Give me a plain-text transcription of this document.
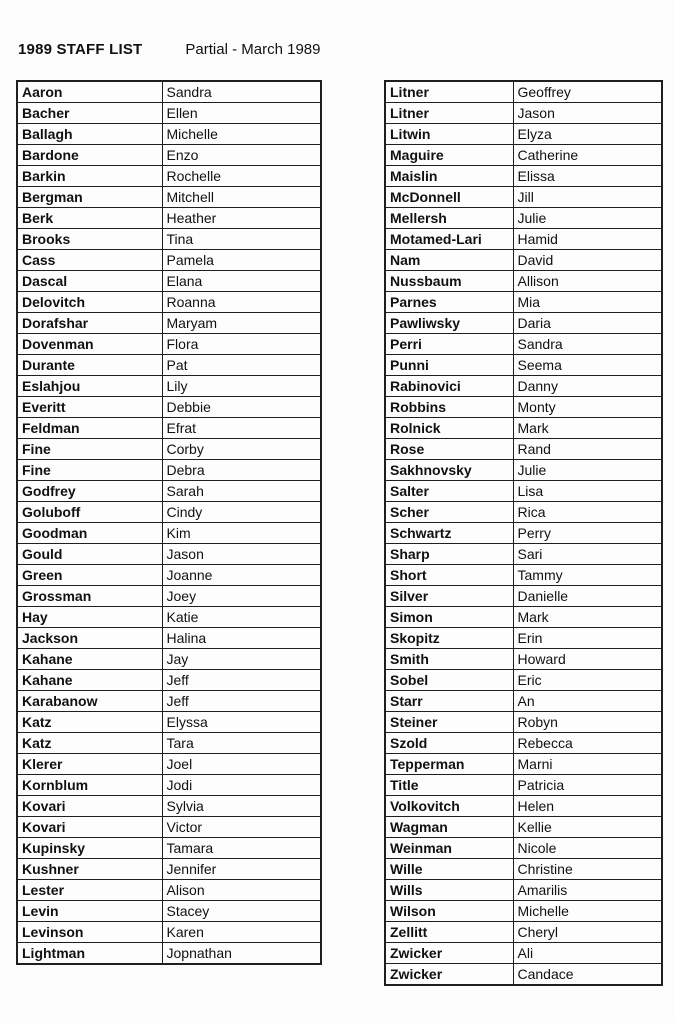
1989 STAFF LIST	Partial - March 1989
Aaron	Sandra
Bacher	Ellen
Ballagh	Michelle
Bardone	Enzo
Barkin	Rochelle
Bergman	Mitchell
Berk	Heather
Brooks	Tina
Cass	Pamela
Dascal	Elana
Delovitch	Roanna
Dorafshar	Maryam
Dovenman	Flora
Durante	Pat
Eslahjou	Lily
Everitt	Debbie
Feldman	Efrat
Fine	Corby
Fine	Debra
Godfrey	Sarah
Goluboff	Cindy
Goodman	Kim
Gould	Jason
Green	Joanne
Grossman	Joey
Hay	Katie
Jackson	Halina
Kahane	Jay
Kahane	Jeff
Karabanow	Jeff
Katz	Elyssa
Katz	Tara
Klerer	Joel
Kornblum	Jodi
Kovari	Sylvia
Kovari	Victor
Kupinsky	Tamara
Kushner	Jennifer
Lester	Alison
Levin	Stacey
Levinson	Karen
Lightman	Jopnathan
Litner	Geoffrey
Litner	Jason
Litwin	Elyza
Maguire	Catherine
Maislin	Elissa
McDonnell	Jill
Mellersh	Julie
Motamed-Lari	Hamid
Nam	David
Nussbaum	Allison
Parnes	Mia
Pawliwsky	Daria
Perri	Sandra
Punni	Seema
Rabinovici	Danny
Robbins	Monty
Rolnick	Mark
Rose	Rand
Sakhnovsky	Julie
Salter	Lisa
Scher	Rica
Schwartz	Perry
Sharp	Sari
Short	Tammy
Silver	Danielle
Simon	Mark
Skopitz	Erin
Smith	Howard
Sobel	Eric
Starr	An
Steiner	Robyn
Szold	Rebecca
Tepperman	Marni
Title	Patricia
Volkovitch	Helen
Wagman	Kellie
Weinman	Nicole
Wille	Christine
Wills	Amarilis
Wilson	Michelle
Zellitt	Cheryl
Zwicker	Ali
Zwicker	Candace
